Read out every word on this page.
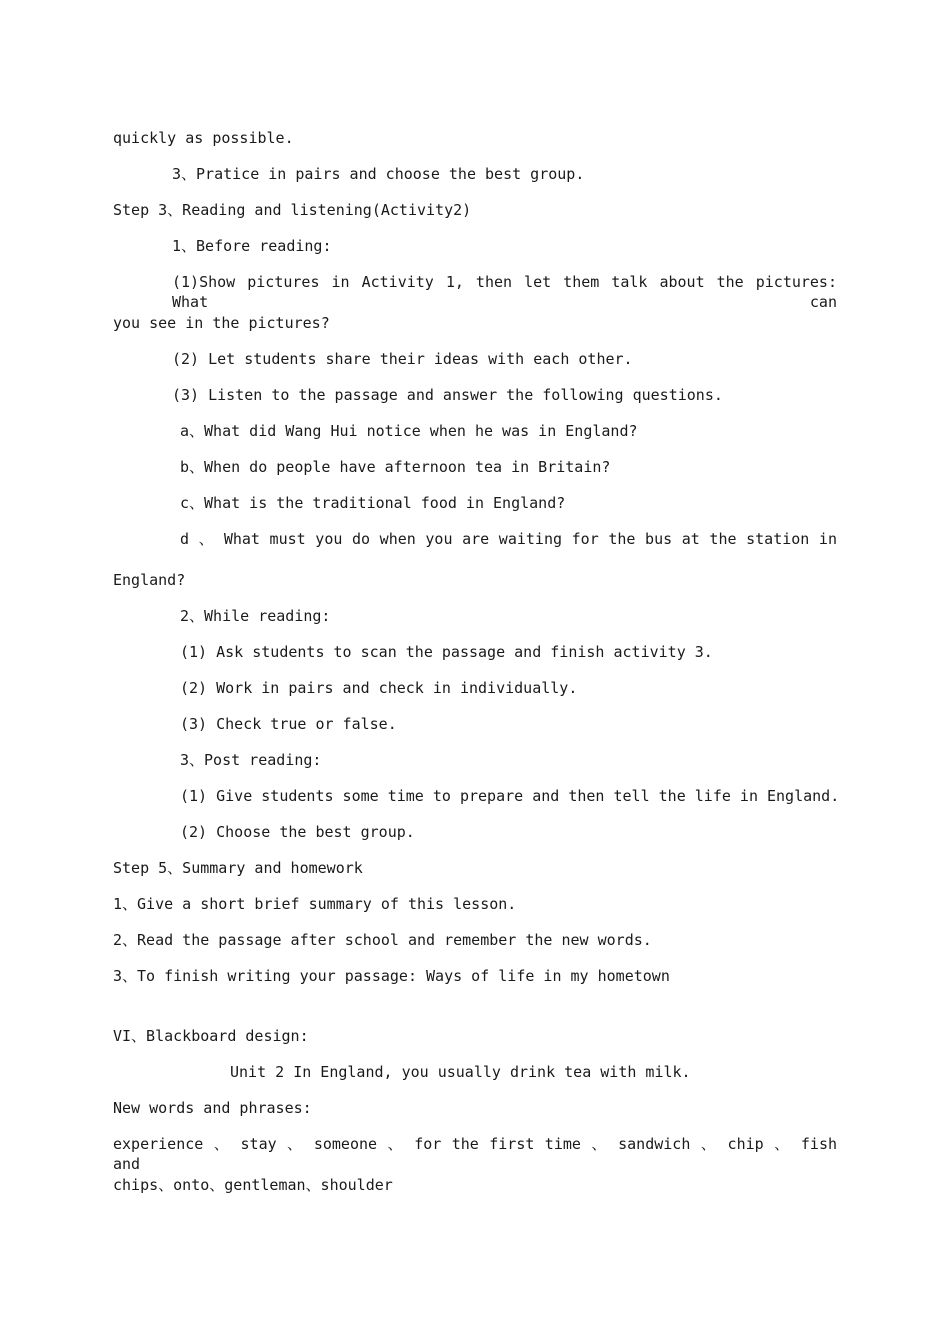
quickly as possible.

3、Pratice in pairs and choose the best group.

Step 3、Reading and listening(Activity2)

1、Before reading:

(1)Show pictures in Activity 1, then let them talk about the pictures: What can

you see in the pictures?

(2) Let students share their ideas with each other.

(3) Listen to the passage and answer the following questions.

a、What did Wang Hui notice when he was in England?

b、When do people have afternoon tea in Britain?

c、What is the traditional food in England?

d 、 What must you do when you are waiting for the bus at the station in

England?

2、While reading:

(1) Ask students to scan the passage and finish activity 3.

(2) Work in pairs and check in individually.

(3) Check true or false.

3、Post reading:

(1) Give students some time to prepare and then tell the life in England.

(2) Choose the best group.

Step 5、Summary and homework

1、Give a short brief summary of this lesson.

2、Read the passage after school and remember the new words.

3、To finish writing your passage: Ways of life in my hometown

VI、Blackboard design:

Unit 2 In England, you usually drink tea with milk.

New words and phrases:

experience 、 stay 、 someone 、 for the first time 、 sandwich 、 chip 、 fish and

chips、onto、gentleman、shoulder
